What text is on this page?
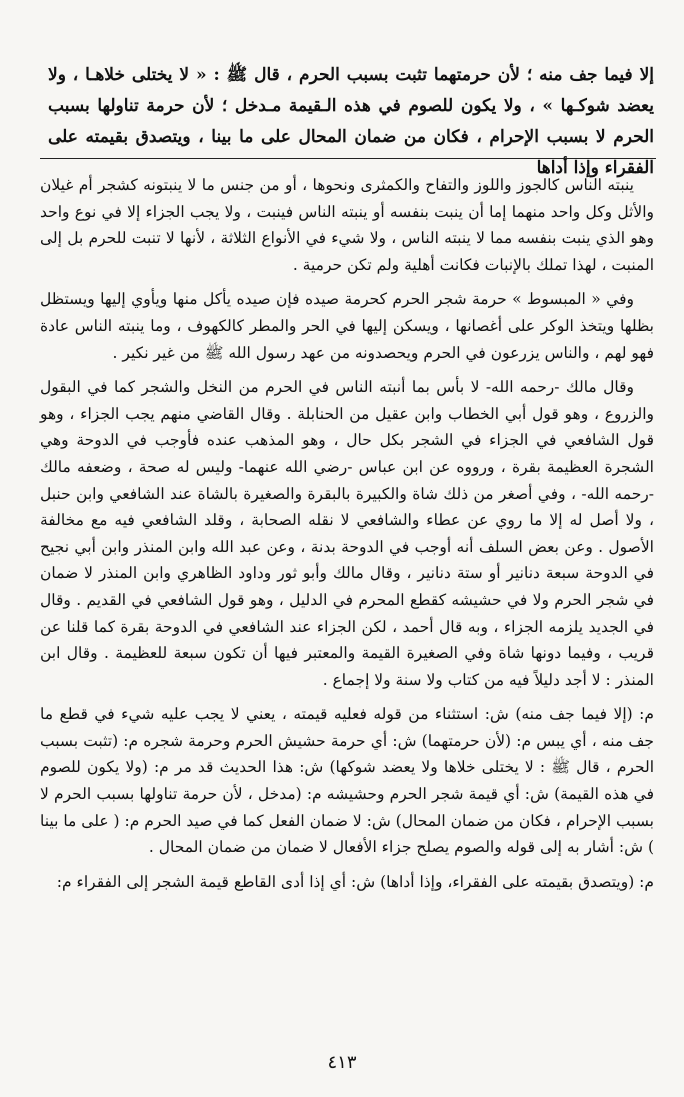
إلا فيما جف منه ؛ لأن حرمتهما تثبت بسبب الحرم ، قال ﷺ : « لا يختلى خلاهـا ، ولا يعضد شوكـها » ، ولا يكون للصوم في هذه الـقيمة مـدخل ؛ لأن حرمة تناولها بسبب الحرم لا بسبب الإحرام ، فكان من ضمان المحال على ما بينا ، ويتصدق بقيمته على الفقراء وإذا أداها

ينبته الناس كالجوز واللوز والتفاح والكمثرى ونحوها ، أو من جنس ما لا ينبتونه كشجر أم غيلان والأثل وكل واحد منهما إما أن ينبت بنفسه أو ينبته الناس فينبت ، ولا يجب الجزاء إلا في نوع واحد وهو الذي ينبت بنفسه مما لا ينبته الناس ، ولا شيء في الأنواع الثلاثة ، لأنها لا تنبت للحرم بل إلى المنبت ، لهذا تملك بالإنبات فكانت أهلية ولم تكن حرمية .

وفي « المبسوط » حرمة شجر الحرم كحرمة صيده فإن صيده يأكل منها ويأوي إليها ويستظل بظلها ويتخذ الوكر على أغصانها ، ويسكن إليها في الحر والمطر كالكهوف ، وما ينبته الناس عادة فهو لهم ، والناس يزرعون في الحرم ويحصدونه من عهد رسول الله ﷺ من غير نكير .

وقال مالك -رحمه الله- لا بأس بما أنبته الناس في الحرم من النخل والشجر كما في البقول والزروع ، وهو قول أبي الخطاب وابن عقيل من الحنابلة . وقال القاضي منهم يجب الجزاء ، وهو قول الشافعي في الجزاء في الشجر بكل حال ، وهو المذهب عنده فأوجب في الدوحة وهي الشجرة العظيمة بقرة ، ورووه عن ابن عباس -رضي الله عنهما- وليس له صحة ، وضعفه مالك -رحمه الله- ، وفي أصغر من ذلك شاة والكبيرة بالبقرة والصغيرة بالشاة عند الشافعي وابن حنبل ، ولا أصل له إلا ما روي عن عطاء والشافعي لا نقله الصحابة ، وقلد الشافعي فيه مع مخالفة الأصول . وعن بعض السلف أنه أوجب في الدوحة بدنة ، وعن عبد الله وابن المنذر وابن أبي نجيح في الدوحة سبعة دنانير أو ستة دنانير ، وقال مالك وأبو ثور وداود الظاهري وابن المنذر لا ضمان في شجر الحرم ولا في حشيشه كقطع المحرم في الدليل ، وهو قول الشافعي في القديم . وقال في الجديد يلزمه الجزاء ، وبه قال أحمد ، لكن الجزاء عند الشافعي في الدوحة بقرة كما قلنا عن قريب ، وفيما دونها شاة وفي الصغيرة القيمة والمعتبر فيها أن تكون سبعة للعظيمة . وقال ابن المنذر : لا أجد دليلاً فيه من كتاب ولا سنة ولا إجماع .

م: (إلا فيما جف منه) ش: استثناء من قوله فعليه قيمته ، يعني لا يجب عليه شيء في قطع ما جف منه ، أي يبس م: (لأن حرمتهما) ش: أي حرمة حشيش الحرم وحرمة شجره م: (تثبت بسبب الحرم ، قال ﷺ : لا يختلى خلاها ولا يعضد شوكها) ش: هذا الحديث قد مر م: (ولا يكون للصوم في هذه القيمة) ش: أي قيمة شجر الحرم وحشيشه م: (مدخل ، لأن حرمة تناولها بسبب الحرم لا بسبب الإحرام ، فكان من ضمان المحال) ش: لا ضمان الفعل كما في صيد الحرم م: ( على ما بينا ) ش: أشار به إلى قوله والصوم يصلح جزاء الأفعال لا ضمان من ضمان المحال .

م: (ويتصدق بقيمته على الفقراء، وإذا أداها) ش: أي إذا أدى القاطع قيمة الشجر إلى الفقراء م:

٤١٣
